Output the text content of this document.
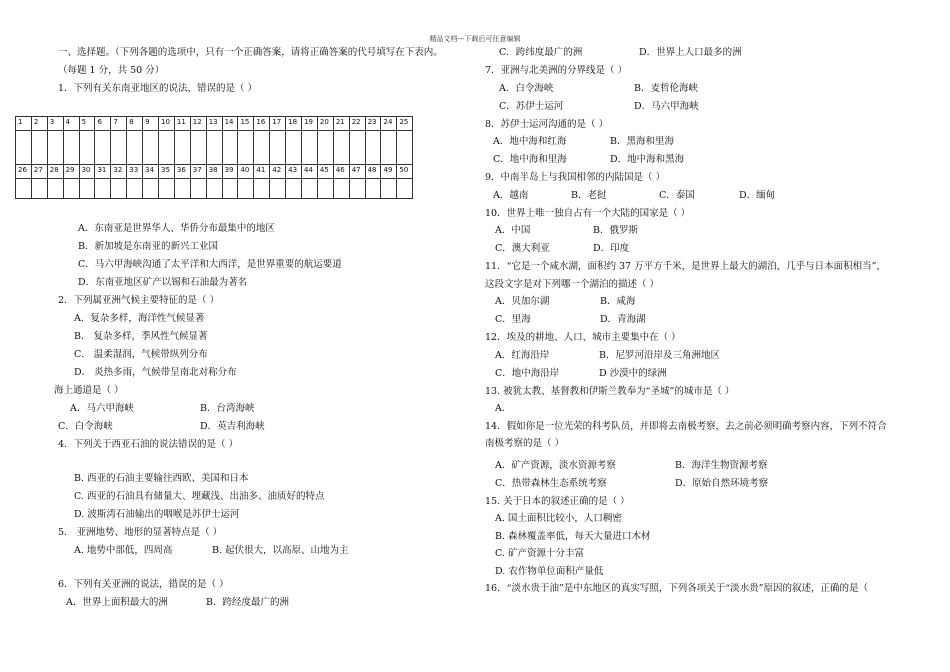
精品文档---下载后可任意编辑
一、选择题。（下列各题的选项中，只有一个正确答案，请将正确答案的代号填写在下表内。
（每题 1 分，共 50 分）
1．下列有关东南亚地区的说法，错误的是（ ）
1	2	3	4	5	6	7	8	9	10	11	12	13	14	15	16	17	18	19	20	21	22	23	24	25

26	27	28	29	30	31	32	33	34	35	36	37	38	39	40	41	42	43	44	45	46	47	48	49	50

A．东南亚是世界华人、华侨分布最集中的地区
B．新加坡是东南亚的新兴工业国
C．马六甲海峡沟通了太平洋和大西洋，是世界重要的航运要道
D．东南亚地区矿产以锡和石油最为著名
2．下列属亚洲气候主要特征的是（ ）
A．复杂多样，海洋性气候显著
B． 复杂多样，季风性气候显著
C． 温柔湿润，气候带纵列分布
D． 炎热多雨，气候带呈南北对称分布
海上通道是（ ）
A．马六甲海峡	B．台湾海峡
C．白令海峡	D．英吉利海峡
4．下列关于西亚石油的说法错误的是（ ）
B. 西亚的石油主要输往西欧、美国和日本
C. 西亚的石油具有储量大、埋藏浅、出油多、油质好的特点
D. 波斯湾石油输出的咽喉是苏伊士运河
5． 亚洲地势、地形的显著特点是（ ）
A. 地势中部低，四周高	B. 起伏很大，以高原、山地为主
6．下列有关亚洲的说法，错误的是（ ）
A．世界上面积最大的洲	B．跨经度最广的洲
C．跨纬度最广的洲	D．世界上人口最多的洲
7．亚洲与北美洲的分界线是（ ）
A．白令海峡	B．麦哲伦海峡
C．苏伊士运河	D．马六甲海峡
8．苏伊士运河沟通的是（ ）
A．地中海和红海	B．黑海和里海
C．地中海和里海	D．地中海和黑海
9．中南半岛上与我国相邻的内陆国是（ ）
A．越南	B．老挝	C．泰国	D．缅甸
10．世界上唯一独自占有一个大陆的国家是（ ）
A．中国	B．俄罗斯
C．澳大利亚	D．印度
11．“它是一个咸水湖，面积约 37 万平方千米，是世界上最大的湖泊，几乎与日本面积相当”，
这段文字是对下列哪一个湖泊的描述（ ）
A．贝加尔湖	B．咸海
C．里海	D．青海湖
12．埃及的耕地、人口、城市主要集中在（ ）
A．红海沿岸	B．尼罗河沿岸及三角洲地区
C．地中海沿岸	D 沙漠中的绿洲
13. 被犹太教、基督教和伊斯兰教奉为“圣城”的城市是（ ）
A．
14．假如你是一位光荣的科考队员，并即将去南极考察，去之前必须明确考察内容，下列不符合
南极考察的是（ ）
A．矿产资源，淡水资源考察	B．海洋生物资源考察
C．热带森林生态系统考察	D．原始自然环境考察
15. 关于日本的叙述正确的是（ ）
A. 国土面积比较小，人口稠密
B. 森林覆盖率低，每天大量进口木材
C. 矿产资源十分丰富
D. 农作物单位面积产量低
16．“淡水贵于油”是中东地区的真实写照，下列各项关于“淡水贵”原因的叙述，正确的是（
